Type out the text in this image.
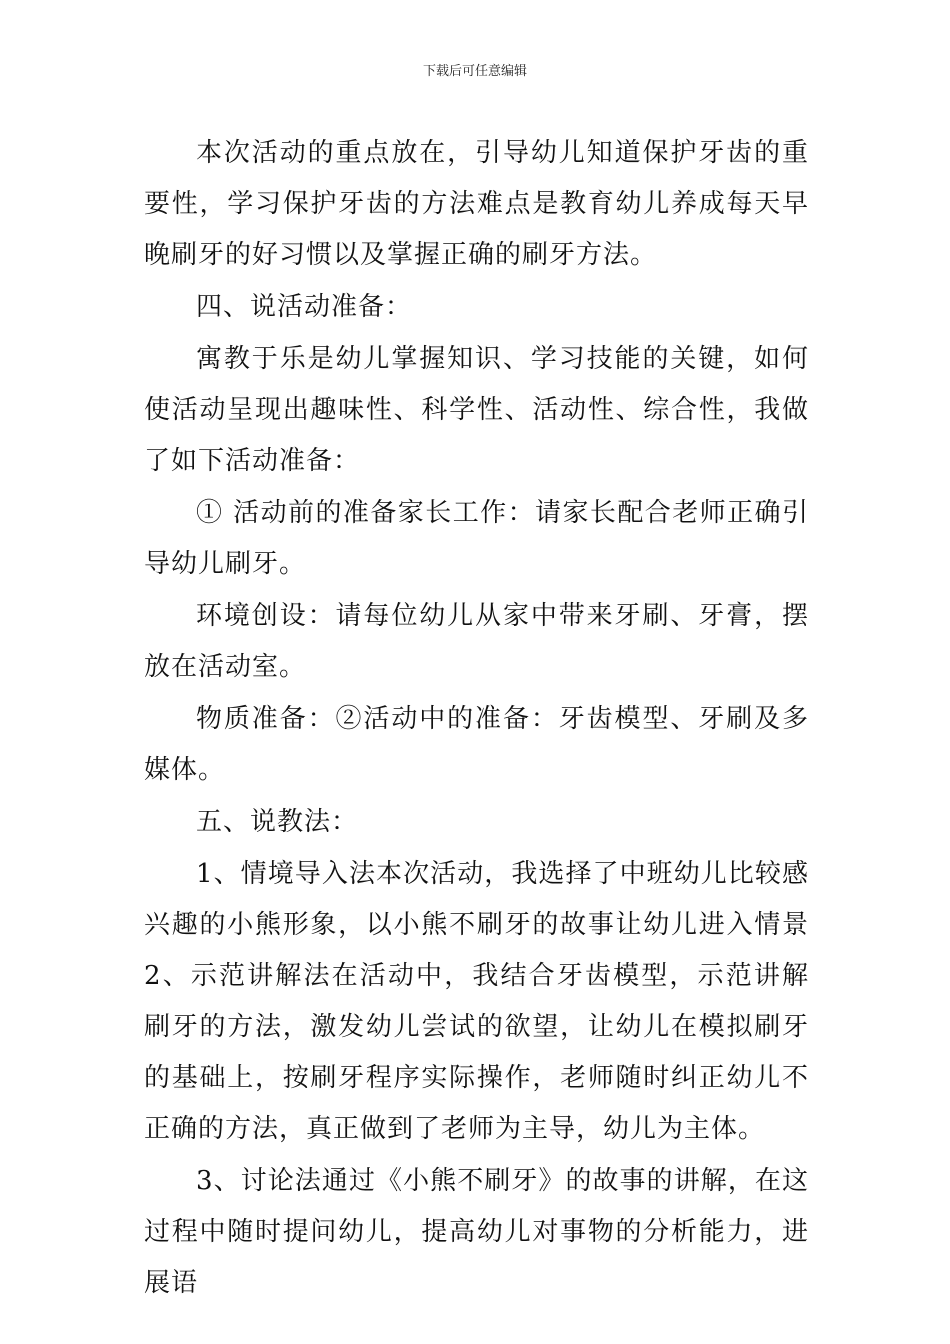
下载后可任意编辑

本次活动的重点放在，引导幼儿知道保护牙齿的重要性，学习保护牙齿的方法难点是教育幼儿养成每天早晚刷牙的好习惯以及掌握正确的刷牙方法。

四、说活动准备：

寓教于乐是幼儿掌握知识、学习技能的关键，如何使活动呈现出趣味性、科学性、活动性、综合性，我做了如下活动准备：

① 活动前的准备家长工作：请家长配合老师正确引导幼儿刷牙。

环境创设：请每位幼儿从家中带来牙刷、牙膏，摆放在活动室。

物质准备：②活动中的准备：牙齿模型、牙刷及多媒体。

五、说教法：

1、情境导入法本次活动，我选择了中班幼儿比较感兴趣的小熊形象，以小熊不刷牙的故事让幼儿进入情景 2、示范讲解法在活动中，我结合牙齿模型，示范讲解刷牙的方法，激发幼儿尝试的欲望，让幼儿在模拟刷牙的基础上，按刷牙程序实际操作，老师随时纠正幼儿不正确的方法，真正做到了老师为主导，幼儿为主体。

3、讨论法通过《小熊不刷牙》的故事的讲解，在这过程中随时提问幼儿，提高幼儿对事物的分析能力，进展语
